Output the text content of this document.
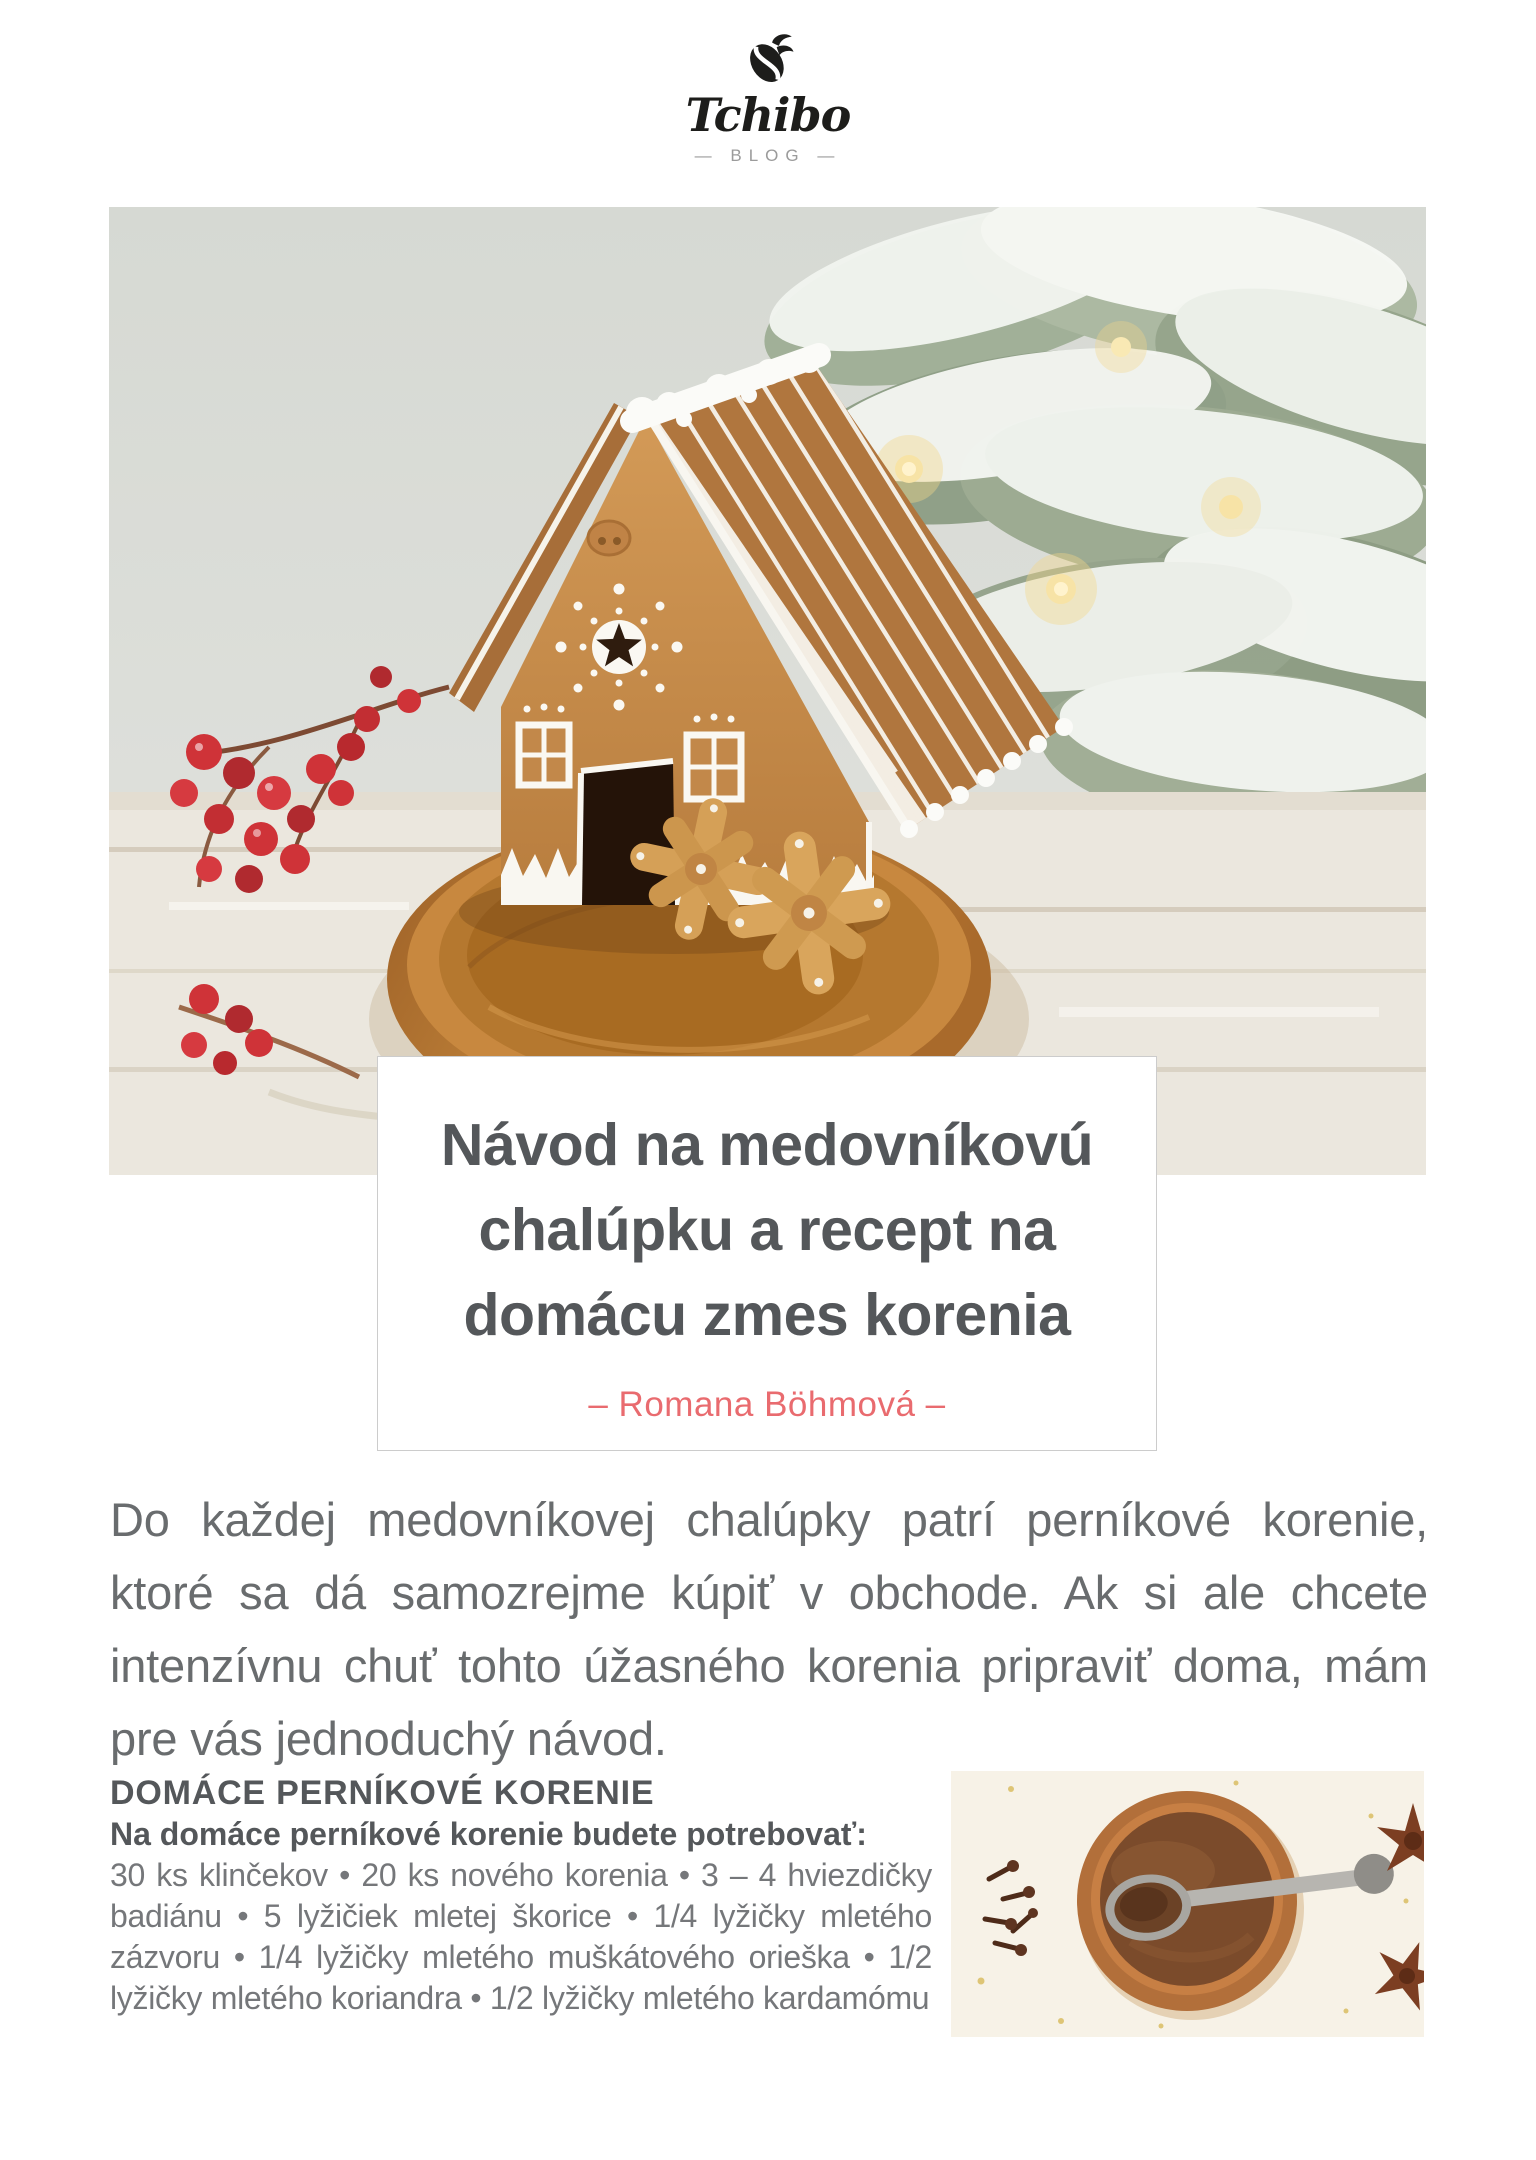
Tchibo
— BLOG —
Návod na medovníkovú
chalúpku a recept na
domácu zmes korenia
– Romana Böhmová –

Do každej medovníkovej chalúpky patrí perníkové korenie, ktoré sa dá samozrejme kúpiť v obchode. Ak si ale chcete intenzívnu chuť tohto úžasného korenia pripraviť doma, mám pre vás jednoduchý návod.

DOMÁCE PERNÍKOVÉ KORENIE
Na domáce perníkové korenie budete potrebovať:
30 ks klinčekov • 20 ks nového korenia • 3 – 4 hviezdičky badiánu • 5 lyžičiek mletej škorice • 1/4 lyžičky mletého zázvoru • 1/4 lyžičky mletého muškátového orieška • 1/2 lyžičky mletého koriandra • 1/2 lyžičky mletého kardamómu
